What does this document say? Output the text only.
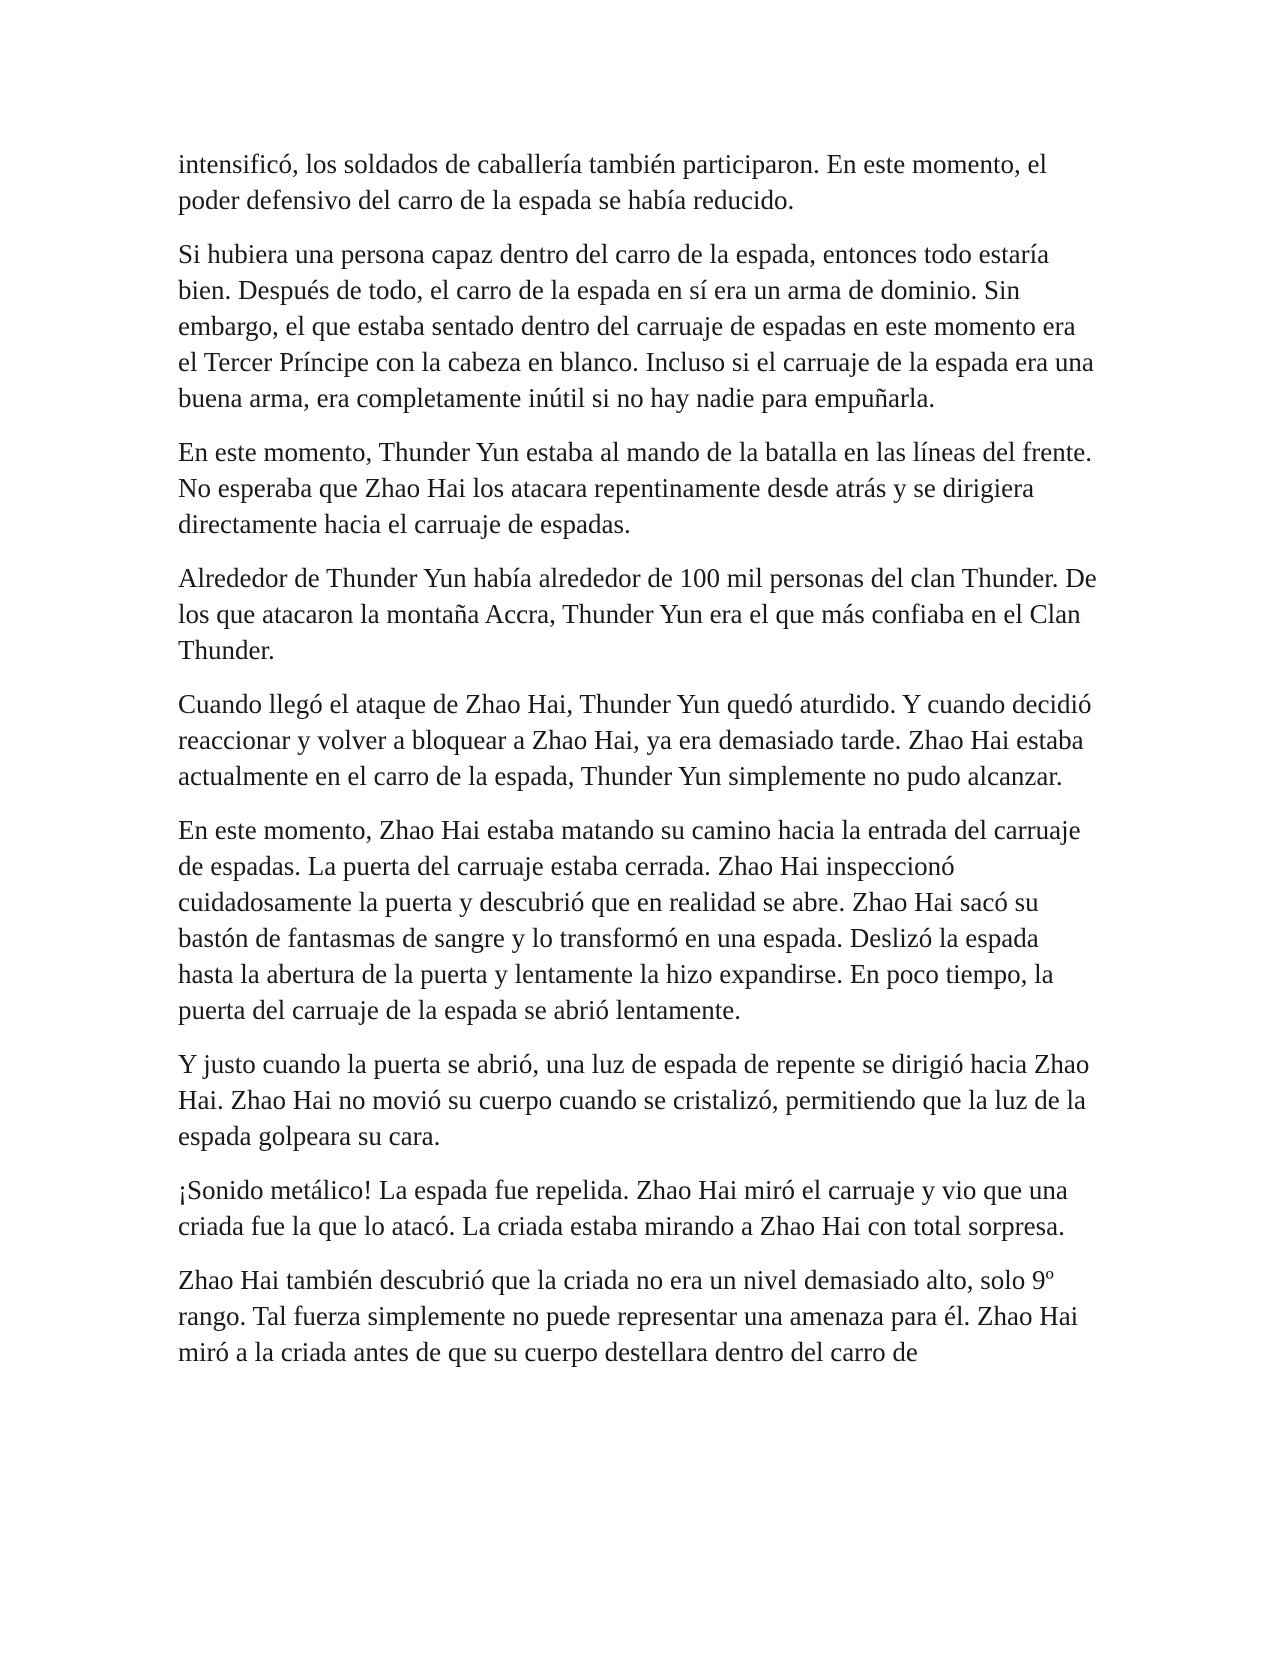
intensificó, los soldados de caballería también participaron. En este momento, el poder defensivo del carro de la espada se había reducido.

Si hubiera una persona capaz dentro del carro de la espada, entonces todo estaría bien. Después de todo, el carro de la espada en sí era un arma de dominio. Sin embargo, el que estaba sentado dentro del carruaje de espadas en este momento era el Tercer Príncipe con la cabeza en blanco. Incluso si el carruaje de la espada era una buena arma, era completamente inútil si no hay nadie para empuñarla.

En este momento, Thunder Yun estaba al mando de la batalla en las líneas del frente. No esperaba que Zhao Hai los atacara repentinamente desde atrás y se dirigiera directamente hacia el carruaje de espadas.

Alrededor de Thunder Yun había alrededor de 100 mil personas del clan Thunder. De los que atacaron la montaña Accra, Thunder Yun era el que más confiaba en el Clan Thunder.

Cuando llegó el ataque de Zhao Hai, Thunder Yun quedó aturdido. Y cuando decidió reaccionar y volver a bloquear a Zhao Hai, ya era demasiado tarde. Zhao Hai estaba actualmente en el carro de la espada, Thunder Yun simplemente no pudo alcanzar.

En este momento, Zhao Hai estaba matando su camino hacia la entrada del carruaje de espadas. La puerta del carruaje estaba cerrada. Zhao Hai inspeccionó cuidadosamente la puerta y descubrió que en realidad se abre. Zhao Hai sacó su bastón de fantasmas de sangre y lo transformó en una espada. Deslizó la espada hasta la abertura de la puerta y lentamente la hizo expandirse. En poco tiempo, la puerta del carruaje de la espada se abrió lentamente.

Y justo cuando la puerta se abrió, una luz de espada de repente se dirigió hacia Zhao Hai. Zhao Hai no movió su cuerpo cuando se cristalizó, permitiendo que la luz de la espada golpeara su cara.

¡Sonido metálico! La espada fue repelida. Zhao Hai miró el carruaje y vio que una criada fue la que lo atacó. La criada estaba mirando a Zhao Hai con total sorpresa.

Zhao Hai también descubrió que la criada no era un nivel demasiado alto, solo 9º rango. Tal fuerza simplemente no puede representar una amenaza para él. Zhao Hai miró a la criada antes de que su cuerpo destellara dentro del carro de
